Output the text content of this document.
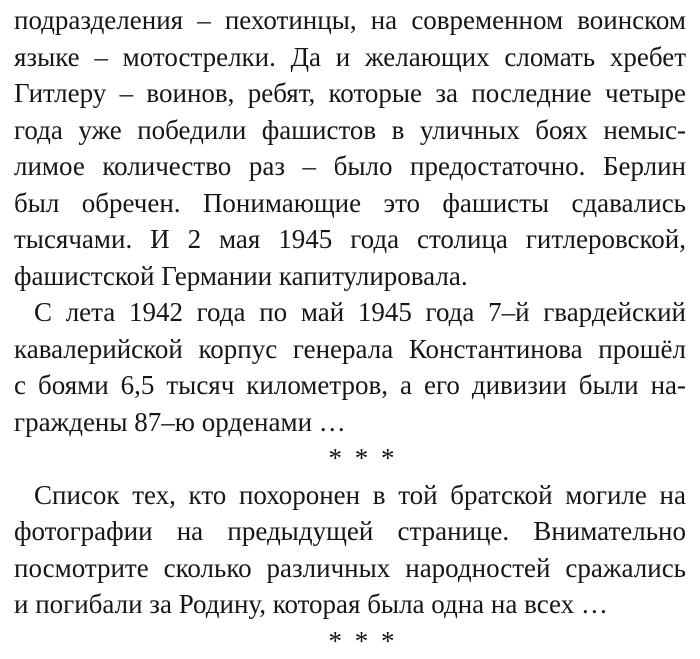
подразделения – пехотинцы, на современном воинском
языке – мотострелки. Да и желающих сломать хребет
Гитлеру – воинов, ребят, которые за последние четыре
года уже победили фашистов в уличных боях немыс-
лимое количество раз – было предостаточно. Берлин
был обречен. Понимающие это фашисты сдавались
тысячами. И 2 мая 1945 года столица гитлеровской,
фашистской Германии капитулировала.
С лета 1942 года по май 1945 года 7–й гвардейский
кавалерийской корпус генерала Константинова прошёл
с боями 6,5 тысяч километров, а его дивизии были на-
граждены 87–ю орденами …
* * *
Список тех, кто похоронен в той братской могиле на
фотографии на предыдущей странице. Внимательно
посмотрите сколько различных народностей сражались
и погибали за Родину, которая была одна на всех …
* * *
